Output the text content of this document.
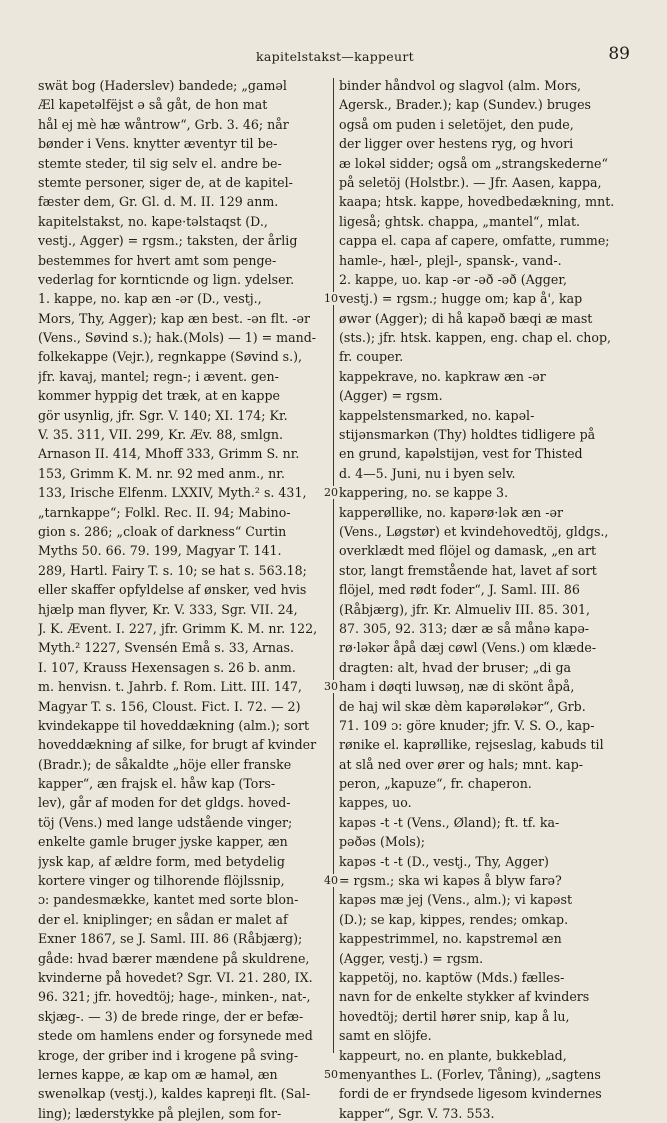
kapitelstakst—kappeurt	89
swät bog (Haderslev) bandede; „gaməl
Æl kapetəlfëjst ə så gåt, de hon mat
hål ej mè hæ wåntrow“, Grb. 3. 46; når
bønder i Vens. knytter æventyr til be-
stemte steder, til sig selv el. andre be-
stemte personer, siger de, at de kapitel-
fæster dem, Gr. Gl. d. M. II. 129 anm.
kapitelstakst, no. kape·təlstaqst (D.,
vestj., Agger) = rgsm.; taksten, der årlig
bestemmes for hvert amt som penge-
vederlag for kornticnde og lign. ydelser.
1. kappe, no. kap æn -ər (D., vestj.,
Mors, Thy, Agger); kap æn best. -ən flt. -ər
(Vens., Søvind s.); hak.(Mols) — 1) = mand-
folkekappe (Vejr.), regnkappe (Søvind s.),
jfr. kavaj, mantel; regn-; i ævent. gen-
kommer hyppig det træk, at en kappe
gör usynlig, jfr. Sgr. V. 140; XI. 174; Kr.
V. 35. 311, VII. 299, Kr. Æv. 88, smlgn.
Arnason II. 414, Mhoff 333, Grimm S. nr.
153, Grimm K. M. nr. 92 med anm., nr.
133, Irische Elfenm. LXXIV, Myth.² s. 431,
„tarnkappe“; Folkl. Rec. II. 94; Mabino-
gion s. 286; „cloak of darkness“ Curtin
Myths 50. 66. 79. 199, Magyar T. 141.
289, Hartl. Fairy T. s. 10; se hat s. 563.18;
eller skaffer opfyldelse af ønsker, ved hvis
hjælp man flyver, Kr. V. 333, Sgr. VII. 24,
J. K. Ævent. I. 227, jfr. Grimm K. M. nr. 122,
Myth.² 1227, Svensén Emå s. 33, Arnas.
I. 107, Krauss Hexensagen s. 26 b. anm.
m. henvisn. t. Jahrb. f. Rom. Litt. III. 147,
Magyar T. s. 156, Cloust. Fict. I. 72. — 2)
kvindekappe til hoveddækning (alm.); sort
hoveddækning af silke, for brugt af kvinder
(Bradr.); de såkaldte „höje eller franske
kapper“, æn frajsk el. håw kap (Tors-
lev), går af moden for det gldgs. hoved-
töj (Vens.) med lange udstående vinger;
enkelte gamle bruger jyske kapper, æn
jysk kap, af ældre form, med betydelig
kortere vinger og tilhorende flöjlssnip,
ɔ: pandesmække, kantet med sorte blon-
der el. kniplinger; en sådan er malet af
Exner 1867, se J. Saml. III. 86 (Råbjærg);
gåde: hvad bærer mændene på skuldrene,
kvinderne på hovedet? Sgr. VI. 21. 280, IX.
96. 321; jfr. hovedtöj; hage-, minken-, nat-,
skjæg-. — 3) de brede ringe, der er befæ-
stede om hamlens ender og forsynede med
kroge, der griber ind i krogene på sving-
lernes kappe, æ kap om æ haməl, æn
swenəlkap (vestj.), kaldes kapreŋi flt. (Sal-
ling); læderstykke på plejlen, som for-
binder håndvol og slagvol (alm. Mors,
Agersk., Brader.); kap (Sundev.) bruges
også om puden i seletöjet, den pude,
der ligger over hestens ryg, og hvori
æ lokəl sidder; også om „strangskederne“
på seletöj (Holstbr.). — Jfr. Aasen, kappa,
kaapa; htsk. kappe, hovedbedækning, mnt.
ligeså; ghtsk. chappa, „mantel“, mlat.
cappa el. capa af capere, omfatte, rumme;
hamle-, hæl-, plejl-, spansk-, vand-.
2. kappe, uo. kap -ər -əð -əð (Agger,
vestj.) = rgsm.; hugge om; kap å', kap
øwər (Agger); di hå kapəð bæqi æ mast
(sts.); jfr. htsk. kappen, eng. chap el. chop,
fr. couper.
kappekrave, no. kapkraw æn -ər
(Agger) = rgsm.
kappelstensmarked, no. kapəl-
stijənsmarkən (Thy) holdtes tidligere på
en grund, kapəlstijən, vest for Thisted
d. 4—5. Juni, nu i byen selv.
kappering, no. se kappe 3.
kapperøllike, no. kapərø·lək æn -ər
(Vens., Løgstør) et kvindehovedtöj, gldgs.,
overklædt med flöjel og damask, „en art
stor, langt fremstående hat, lavet af sort
flöjel, med rødt foder“, J. Saml. III. 86
(Råbjærg), jfr. Kr. Almueliv III. 85. 301,
87. 305, 92. 313; dær æ så månə kapə-
rø·ləkər åpå dæj cøwl (Vens.) om klæde-
dragten: alt, hvad der bruser; „di ga
ham i døqti luwsəŋ, næ di skönt åpå,
de haj wil skæ dèm kapərøləkər“, Grb.
71. 109 ɔ: göre knuder; jfr. V. S. O., kap-
rønike el. kaprøllike, rejseslag, kabuds til
at slå ned over ører og hals; mnt. kap-
peron, „kapuze“, fr. chaperon.
kappes, uo.
kapəs -t -t (Vens., Øland); ft. tf. ka-
pəðəs (Mols);
kapəs -t -t (D., vestj., Thy, Agger)
= rgsm.; ska wi kapəs å blyw farə?
kapəs mæ jej (Vens., alm.); vi kapəst
(D.); se kap, kippes, rendes; omkap.
kappestrimmel, no. kapstreməl æn
(Agger, vestj.) = rgsm.
kappetöj, no. kaptöw (Mds.) fælles-
navn for de enkelte stykker af kvinders
hovedtöj; dertil hører snip, kap å lu,
samt en slöjfe.
kappeurt, no. en plante, bukkeblad,
menyanthes L. (Forlev, Tåning), „sagtens
fordi de er fryndsede ligesom kvindernes
kapper“, Sgr. V. 73. 553.
10
20
30
40
50
